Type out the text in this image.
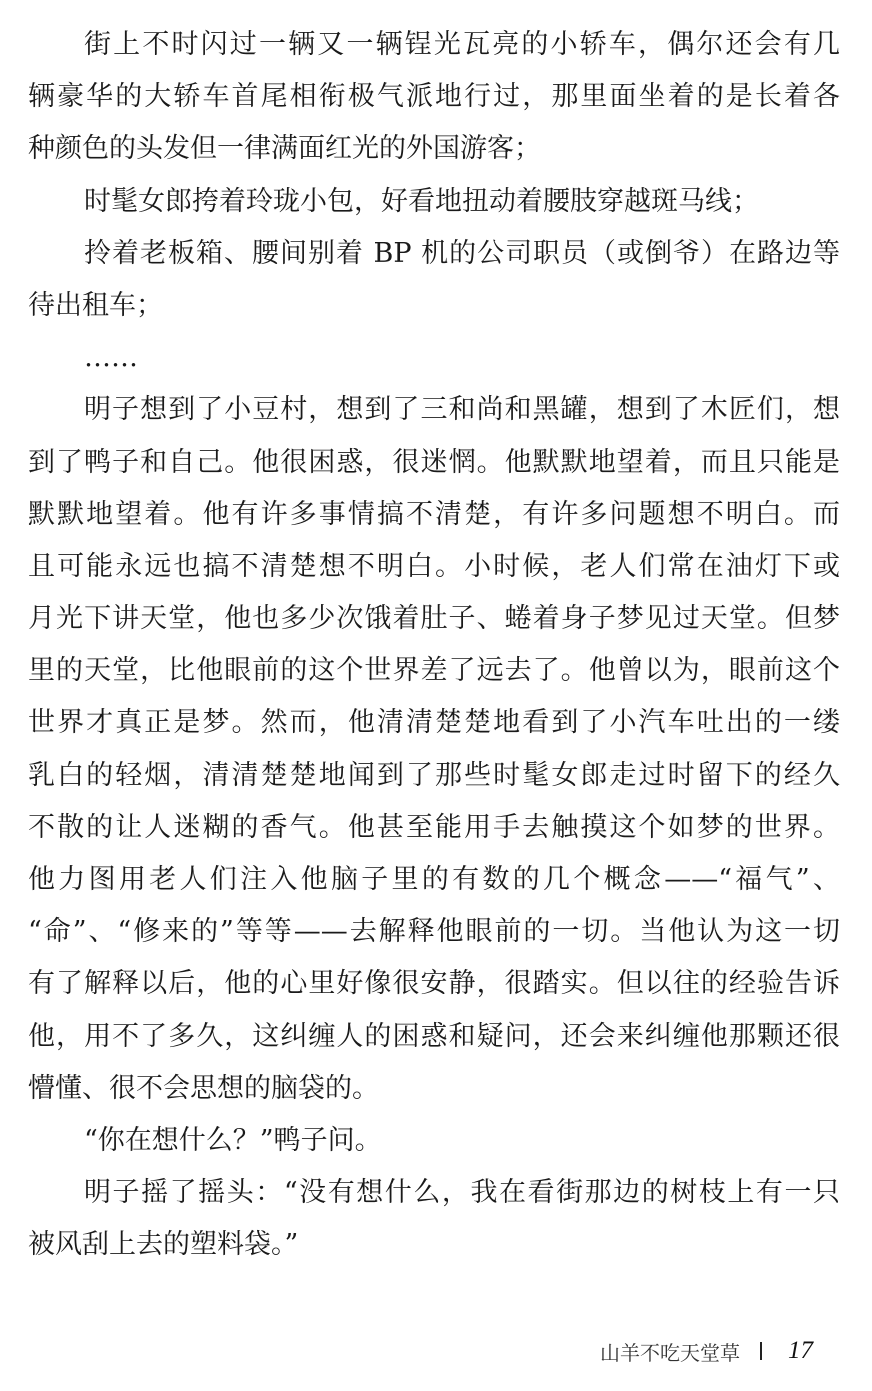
街上不时闪过一辆又一辆锃光瓦亮的小轿车，偶尔还会有几
辆豪华的大轿车首尾相衔极气派地行过，那里面坐着的是长着各
种颜色的头发但一律满面红光的外国游客；
时髦女郎挎着玲珑小包，好看地扭动着腰肢穿越斑马线；
拎着老板箱、腰间别着 BP 机的公司职员（或倒爷）在路边等
待出租车；
……
明子想到了小豆村，想到了三和尚和黑罐，想到了木匠们，想
到了鸭子和自己。他很困惑，很迷惘。他默默地望着，而且只能是
默默地望着。他有许多事情搞不清楚，有许多问题想不明白。而
且可能永远也搞不清楚想不明白。小时候，老人们常在油灯下或
月光下讲天堂，他也多少次饿着肚子、蜷着身子梦见过天堂。但梦
里的天堂，比他眼前的这个世界差了远去了。他曾以为，眼前这个
世界才真正是梦。然而，他清清楚楚地看到了小汽车吐出的一缕
乳白的轻烟，清清楚楚地闻到了那些时髦女郎走过时留下的经久
不散的让人迷糊的香气。他甚至能用手去触摸这个如梦的世界。
他力图用老人们注入他脑子里的有数的几个概念——“福气”、
“命”、“修来的”等等——去解释他眼前的一切。当他认为这一切
有了解释以后，他的心里好像很安静，很踏实。但以往的经验告诉
他，用不了多久，这纠缠人的困惑和疑问，还会来纠缠他那颗还很
懵懂、很不会思想的脑袋的。
“你在想什么？”鸭子问。
明子摇了摇头：“没有想什么，我在看街那边的树枝上有一只
被风刮上去的塑料袋。”
山羊不吃天堂草 17
